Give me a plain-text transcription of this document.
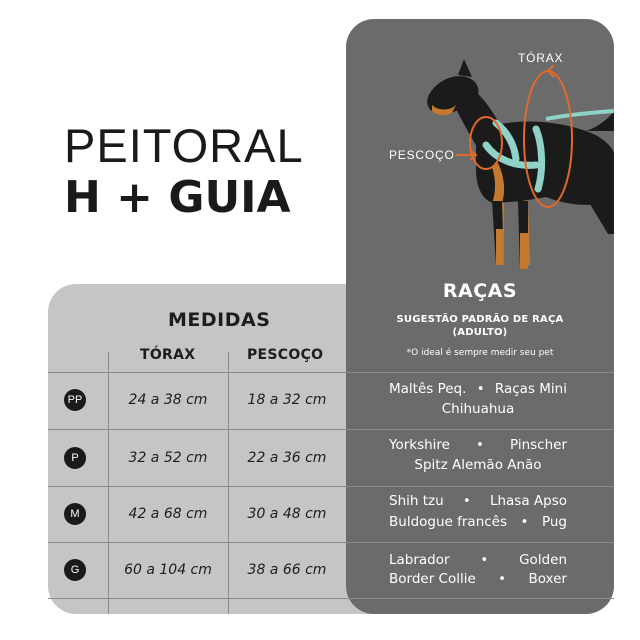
PEITORAL
H + GUIA
TÓRAX
PESCOÇO
MEDIDAS
TÓRAX	PESCOÇO
RAÇAS
SUGESTÃO PADRÃO DE RAÇA
(ADULTO)
*O ideal é sempre medir seu pet
PP	24 a 38 cm	18 a 32 cm
Maltês Peq. • Raças Mini
Chihuahua
P	32 a 52 cm	22 a 36 cm
Yorkshire • Pinscher
Spitz Alemão Anão
M	42 a 68 cm	30 a 48 cm
Shih tzu • Lhasa Apso
Buldogue francês • Pug
G	60 a 104 cm	38 a 66 cm
Labrador • Golden
Border Collie • Boxer
